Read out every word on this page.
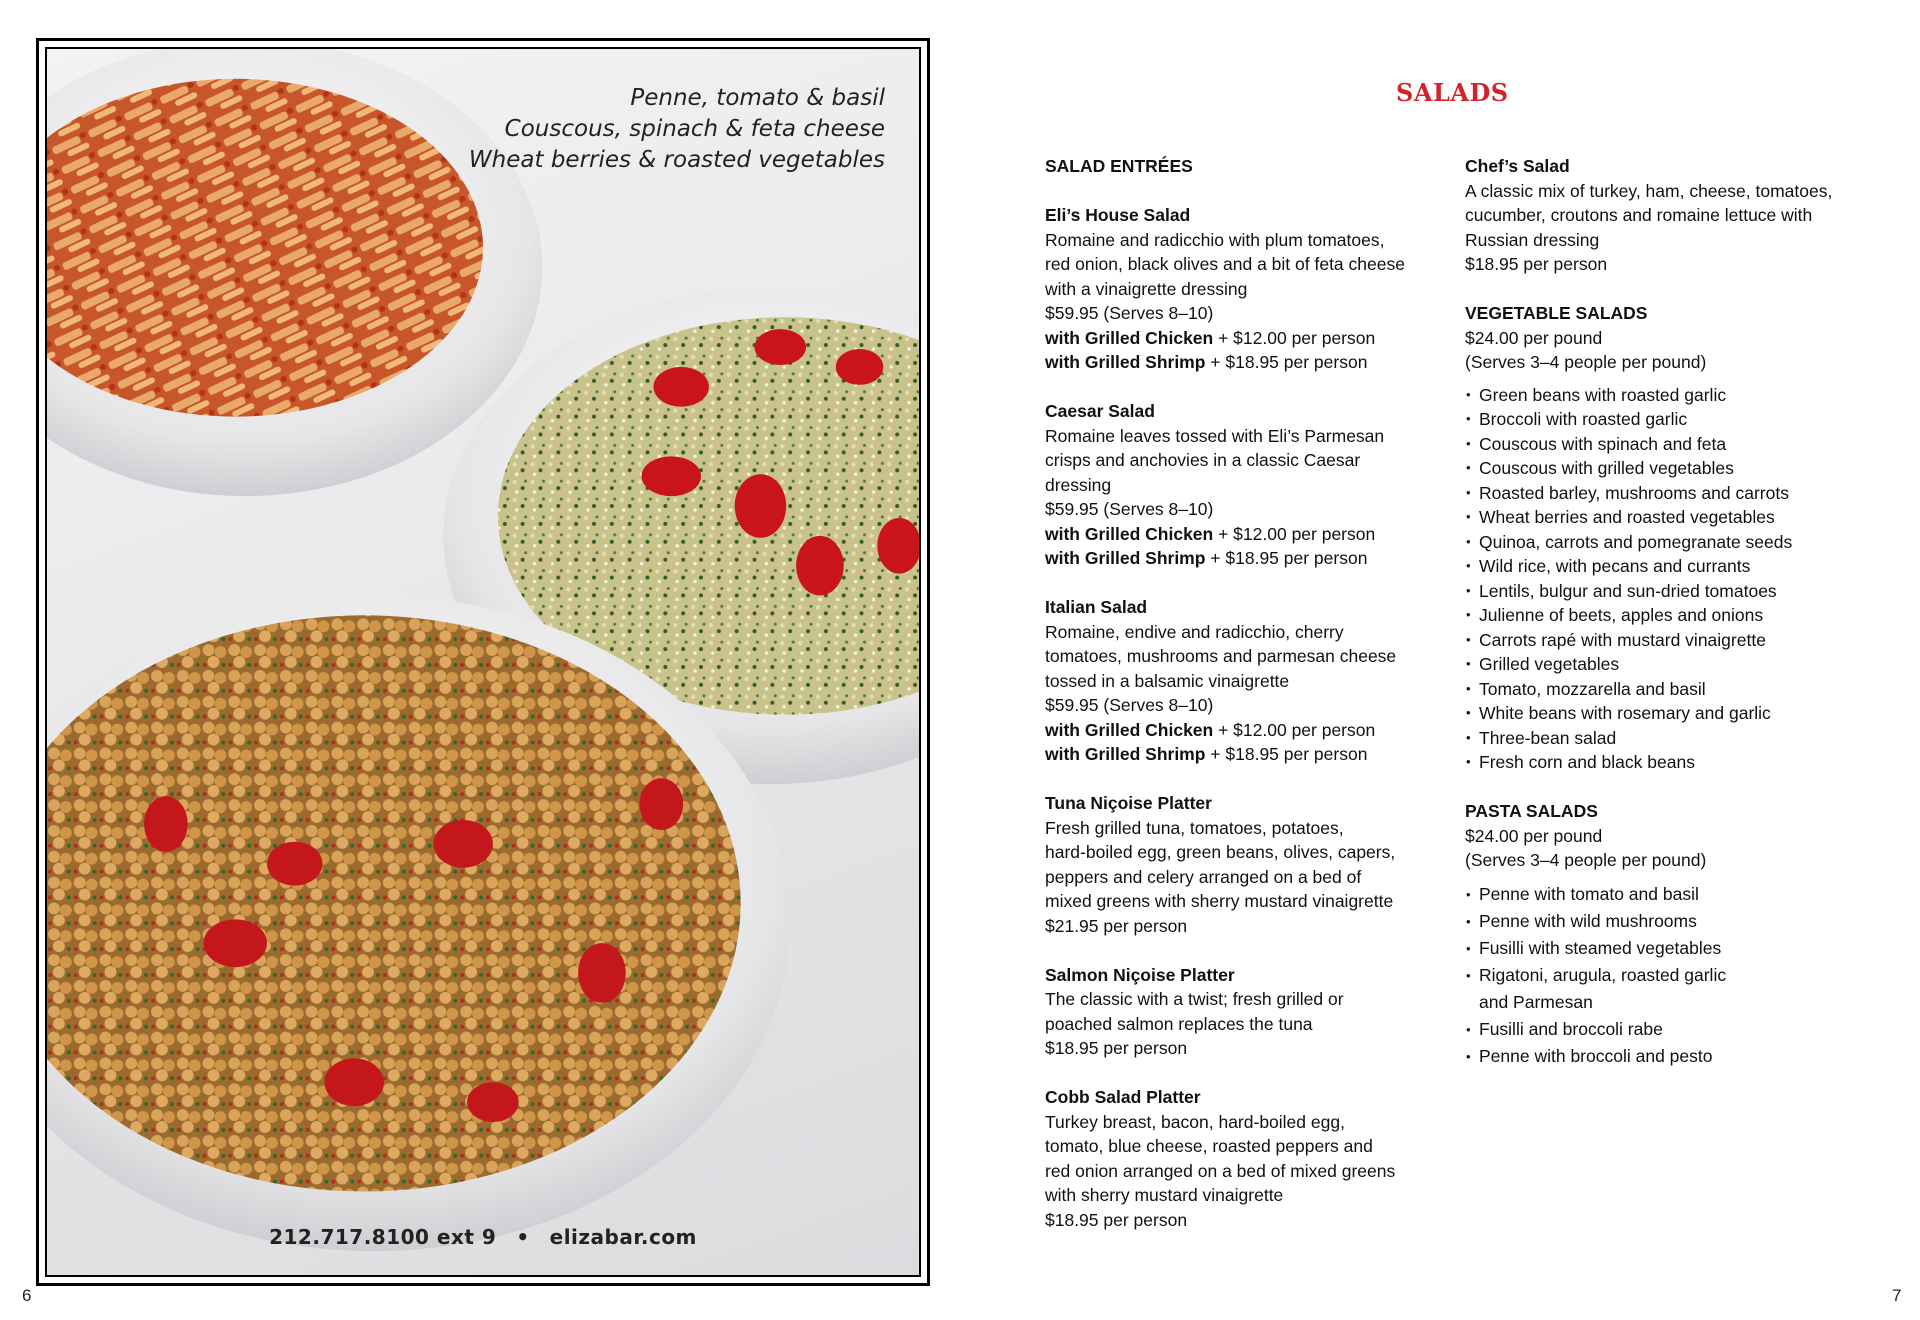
Penne, tomato & basil
Couscous, spinach & feta cheese
Wheat berries & roasted vegetables
212.717.8100 ext 9 • elizabar.com
6
SALADS
SALAD ENTRÉES
Eli’s House Salad
Romaine and radicchio with plum tomatoes,
red onion, black olives and a bit of feta cheese
with a vinaigrette dressing
$59.95 (Serves 8–10)
with Grilled Chicken + $12.00 per person
with Grilled Shrimp + $18.95 per person
Caesar Salad
Romaine leaves tossed with Eli’s Parmesan
crisps and anchovies in a classic Caesar
dressing
$59.95 (Serves 8–10)
with Grilled Chicken + $12.00 per person
with Grilled Shrimp + $18.95 per person
Italian Salad
Romaine, endive and radicchio, cherry
tomatoes, mushrooms and parmesan cheese
tossed in a balsamic vinaigrette
$59.95 (Serves 8–10)
with Grilled Chicken + $12.00 per person
with Grilled Shrimp + $18.95 per person
Tuna Niçoise Platter
Fresh grilled tuna, tomatoes, potatoes,
hard-boiled egg, green beans, olives, capers,
peppers and celery arranged on a bed of
mixed greens with sherry mustard vinaigrette
$21.95 per person
Salmon Niçoise Platter
The classic with a twist; fresh grilled or
poached salmon replaces the tuna
$18.95 per person
Cobb Salad Platter
Turkey breast, bacon, hard-boiled egg,
tomato, blue cheese, roasted peppers and
red onion arranged on a bed of mixed greens
with sherry mustard vinaigrette
$18.95 per person
Chef’s Salad
A classic mix of turkey, ham, cheese, tomatoes,
cucumber, croutons and romaine lettuce with
Russian dressing
$18.95 per person
VEGETABLE SALADS
$24.00 per pound
(Serves 3–4 people per pound)
• Green beans with roasted garlic
• Broccoli with roasted garlic
• Couscous with spinach and feta
• Couscous with grilled vegetables
• Roasted barley, mushrooms and carrots
• Wheat berries and roasted vegetables
• Quinoa, carrots and pomegranate seeds
• Wild rice, with pecans and currants
• Lentils, bulgur and sun-dried tomatoes
• Julienne of beets, apples and onions
• Carrots rapé with mustard vinaigrette
• Grilled vegetables
• Tomato, mozzarella and basil
• White beans with rosemary and garlic
• Three-bean salad
• Fresh corn and black beans
PASTA SALADS
$24.00 per pound
(Serves 3–4 people per pound)
• Penne with tomato and basil
• Penne with wild mushrooms
• Fusilli with steamed vegetables
• Rigatoni, arugula, roasted garlic
and Parmesan
• Fusilli and broccoli rabe
• Penne with broccoli and pesto
7
